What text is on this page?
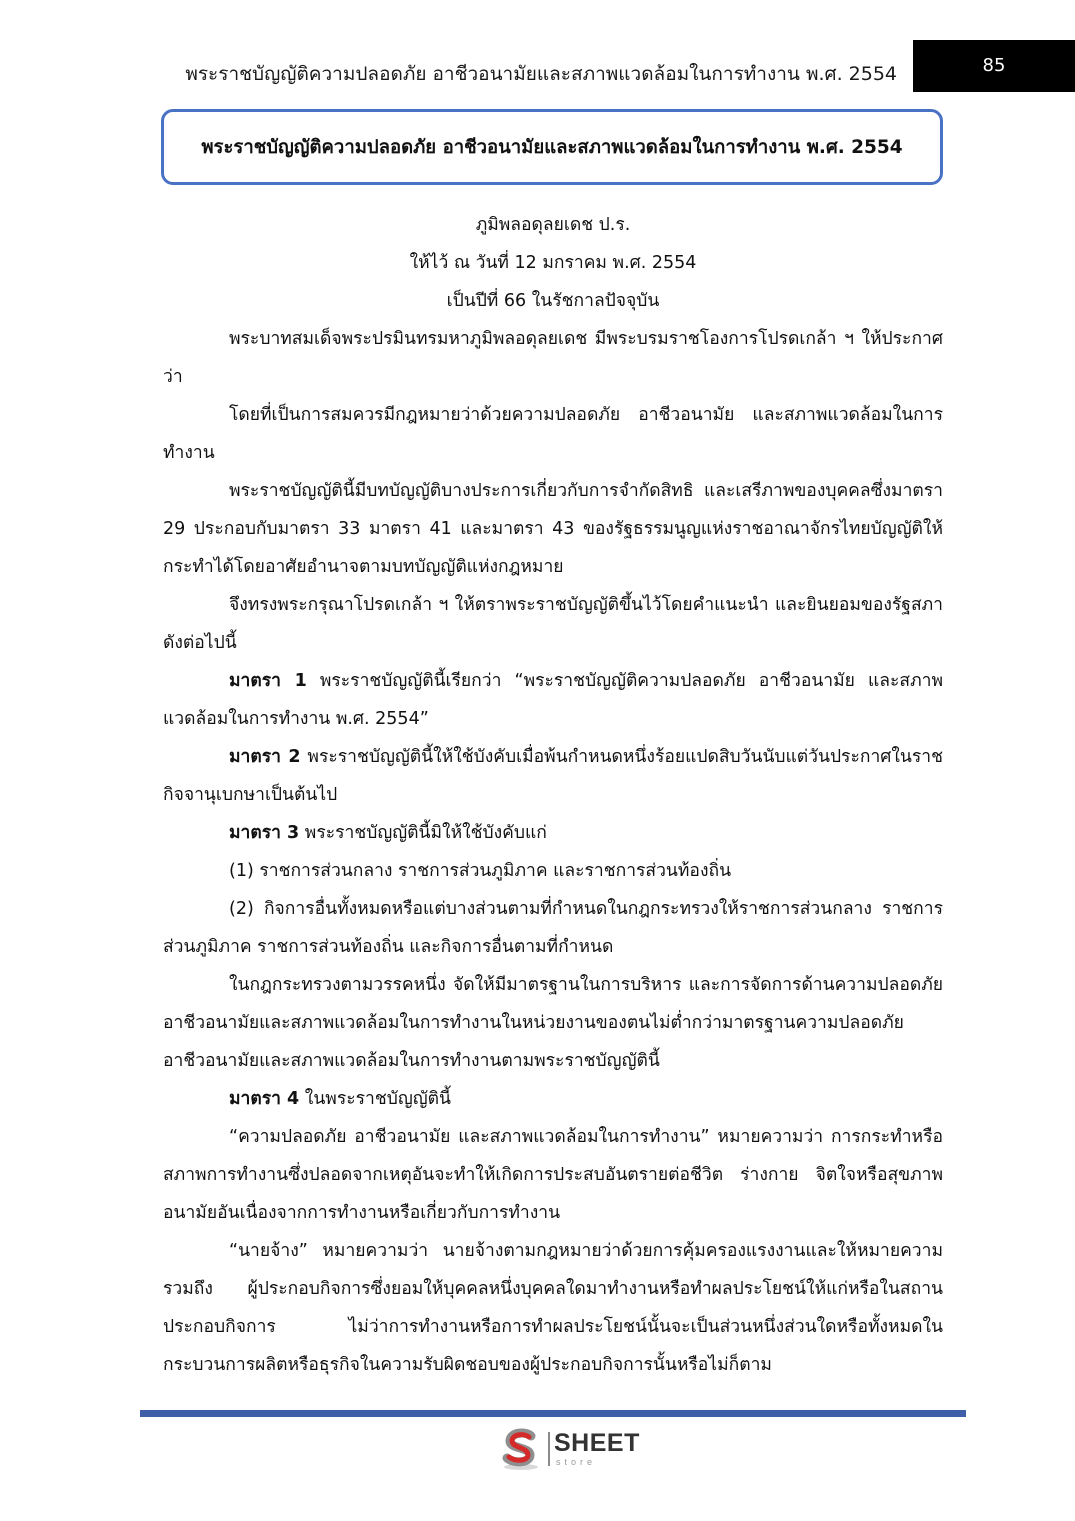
พระราชบัญญัติความปลอดภัย อาชีวอนามัยและสภาพแวดล้อมในการทำงาน พ.ศ. 2554	85
พระราชบัญญัติความปลอดภัย อาชีวอนามัยและสภาพแวดล้อมในการทำงาน พ.ศ. 2554

ภูมิพลอดุลยเดช ป.ร.

ให้ไว้ ณ วันที่ 12 มกราคม พ.ศ. 2554

เป็นปีที่ 66 ในรัชกาลปัจจุบัน

พระบาทสมเด็จพระปรมินทรมหาภูมิพลอดุลยเดช มีพระบรมราชโองการโปรดเกล้า ฯ ให้ประกาศว่า

โดยที่เป็นการสมควรมีกฎหมายว่าด้วยความปลอดภัย อาชีวอนามัย และสภาพแวดล้อมในการทำงาน

พระราชบัญญัตินี้มีบทบัญญัติบางประการเกี่ยวกับการจำกัดสิทธิ และเสรีภาพของบุคคลซึ่งมาตรา 29 ประกอบกับมาตรา 33 มาตรา 41 และมาตรา 43 ของรัฐธรรมนูญแห่งราชอาณาจักรไทยบัญญัติให้กระทำได้โดยอาศัยอำนาจตามบทบัญญัติแห่งกฎหมาย

จึงทรงพระกรุณาโปรดเกล้า ฯ ให้ตราพระราชบัญญัติขึ้นไว้โดยคำแนะนำ และยินยอมของรัฐสภาดังต่อไปนี้

มาตรา 1 พระราชบัญญัตินี้เรียกว่า “พระราชบัญญัติความปลอดภัย อาชีวอนามัย และสภาพแวดล้อมในการทำงาน พ.ศ. 2554”

มาตรา 2 พระราชบัญญัตินี้ให้ใช้บังคับเมื่อพ้นกำหนดหนึ่งร้อยแปดสิบวันนับแต่วันประกาศในราชกิจจานุเบกษาเป็นต้นไป

มาตรา 3 พระราชบัญญัตินี้มิให้ใช้บังคับแก่

(1) ราชการส่วนกลาง ราชการส่วนภูมิภาค และราชการส่วนท้องถิ่น

(2) กิจการอื่นทั้งหมดหรือแต่บางส่วนตามที่กำหนดในกฎกระทรวงให้ราชการส่วนกลาง ราชการส่วนภูมิภาค ราชการส่วนท้องถิ่น และกิจการอื่นตามที่กำหนด

ในกฎกระทรวงตามวรรคหนึ่ง จัดให้มีมาตรฐานในการบริหาร และการจัดการด้านความปลอดภัยอาชีวอนามัยและสภาพแวดล้อมในการทำงานในหน่วยงานของตนไม่ต่ำกว่ามาตรฐานความปลอดภัย อาชีวอนามัยและสภาพแวดล้อมในการทำงานตามพระราชบัญญัตินี้

มาตรา 4 ในพระราชบัญญัตินี้

“ความปลอดภัย อาชีวอนามัย และสภาพแวดล้อมในการทำงาน” หมายความว่า การกระทำหรือสภาพการทำงานซึ่งปลอดจากเหตุอันจะทำให้เกิดการประสบอันตรายต่อชีวิต ร่างกาย จิตใจหรือสุขภาพอนามัยอันเนื่องจากการทำงานหรือเกี่ยวกับการทำงาน

“นายจ้าง” หมายความว่า นายจ้างตามกฎหมายว่าด้วยการคุ้มครองแรงงานและให้หมายความรวมถึง ผู้ประกอบกิจการซึ่งยอมให้บุคคลหนึ่งบุคคลใดมาทำงานหรือทำผลประโยชน์ให้แก่หรือในสถานประกอบกิจการ ไม่ว่าการทำงานหรือการทำผลประโยชน์นั้นจะเป็นส่วนหนึ่งส่วนใดหรือทั้งหมดในกระบวนการผลิตหรือธุรกิจในความรับผิดชอบของผู้ประกอบกิจการนั้นหรือไม่ก็ตาม

SHEET
store
